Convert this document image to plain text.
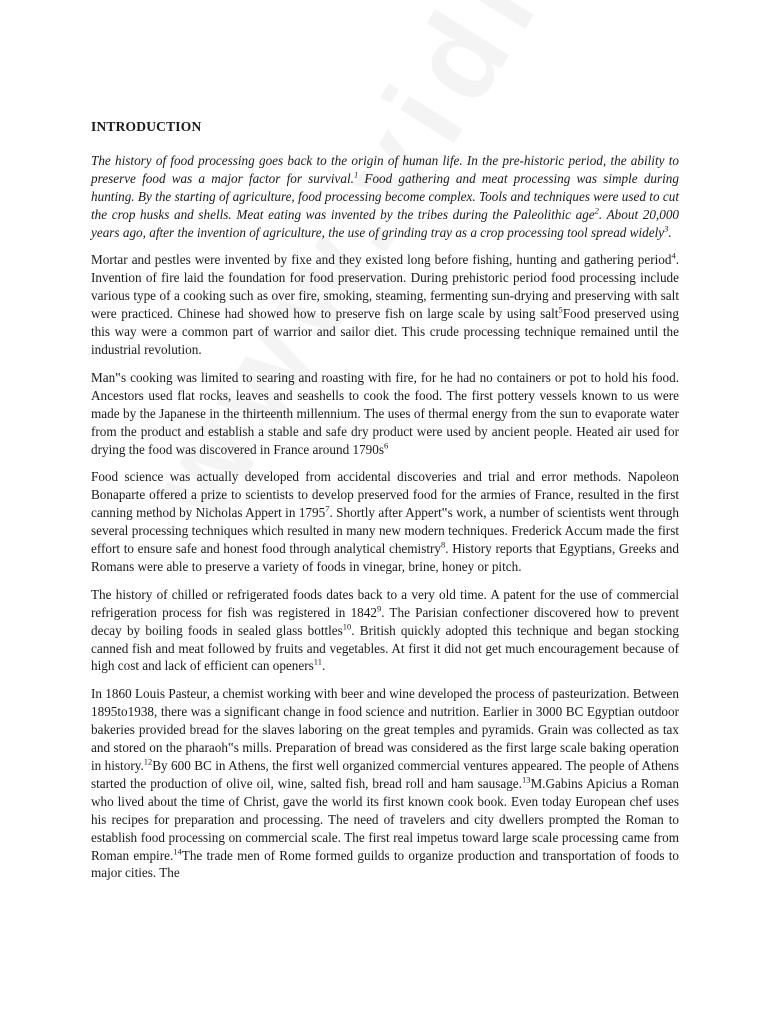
INTRODUCTION

The history of food processing goes back to the origin of human life. In the pre-historic period, the ability to preserve food was a major factor for survival.$^1$ Food gathering and meat processing was simple during hunting. By the starting of agriculture, food processing become complex. Tools and techniques were used to cut the crop husks and shells. Meat eating was invented by the tribes during the Paleolithic age$^2$. About 20,000 years ago, after the invention of agriculture, the use of grinding tray as a crop processing tool spread widely$^3$.

Mortar and pestles were invented by fixe and they existed long before fishing, hunting and gathering period$^4$. Invention of fire laid the foundation for food preservation. During prehistoric period food processing include various type of a cooking such as over fire, smoking, steaming, fermenting sun-drying and preserving with salt were practiced. Chinese had showed how to preserve fish on large scale by using salt$^5$Food preserved using this way were a common part of warrior and sailor diet. This crude processing technique remained until the industrial revolution.

Man‟s cooking was limited to searing and roasting with fire, for he had no containers or pot to hold his food. Ancestors used flat rocks, leaves and seashells to cook the food. The first pottery vessels known to us were made by the Japanese in the thirteenth millennium. The uses of thermal energy from the sun to evaporate water from the product and establish a stable and safe dry product were used by ancient people. Heated air used for drying the food was discovered in France around $1790s^6$

Food science was actually developed from accidental discoveries and trial and error methods. Napoleon Bonaparte offered a prize to scientists to develop preserved food for the armies of France, resulted in the first canning method by Nicholas Appert in 1795$^7$. Shortly after Appert‟s work, a number of scientists went through several processing techniques which resulted in many new modern techniques. Frederick Accum made the first effort to ensure safe and honest food through analytical chemistry$^8$. History reports that Egyptians, Greeks and Romans were able to preserve a variety of foods in vinegar, brine, honey or pitch.

The history of chilled or refrigerated foods dates back to a very old time. A patent for the use of commercial refrigeration process for fish was registered in 1842$^9$. The Parisian confectioner discovered how to prevent decay by boiling foods in sealed glass bottles$^{10}$. British quickly adopted this technique and began stocking canned fish and meat followed by fruits and vegetables. At first it did not get much encouragement because of high cost and lack of efficient can openers$^{11}$.

In 1860 Louis Pasteur, a chemist working with beer and wine developed the process of pasteurization. Between 1895to1938, there was a significant change in food science and nutrition. Earlier in 3000 BC Egyptian outdoor bakeries provided bread for the slaves laboring on the great temples and pyramids. Grain was collected as tax and stored on the pharaoh‟s mills. Preparation of bread was considered as the first large scale baking operation in history.$^{12}$By 600 BC in Athens, the first well organized commercial ventures appeared. The people of Athens started the production of olive oil, wine, salted fish, bread roll and ham sausage.$^{13}$M.Gabins Apicius a Roman who lived about the time of Christ, gave the world its first known cook book. Even today European chef uses his recipes for preparation and processing. The need of travelers and city dwellers prompted the Roman to establish food processing on commercial scale. The first real impetus toward large scale processing came from Roman empire.$^{14}$The trade men of Rome formed guilds to organize production and transportation of foods to major cities. The
